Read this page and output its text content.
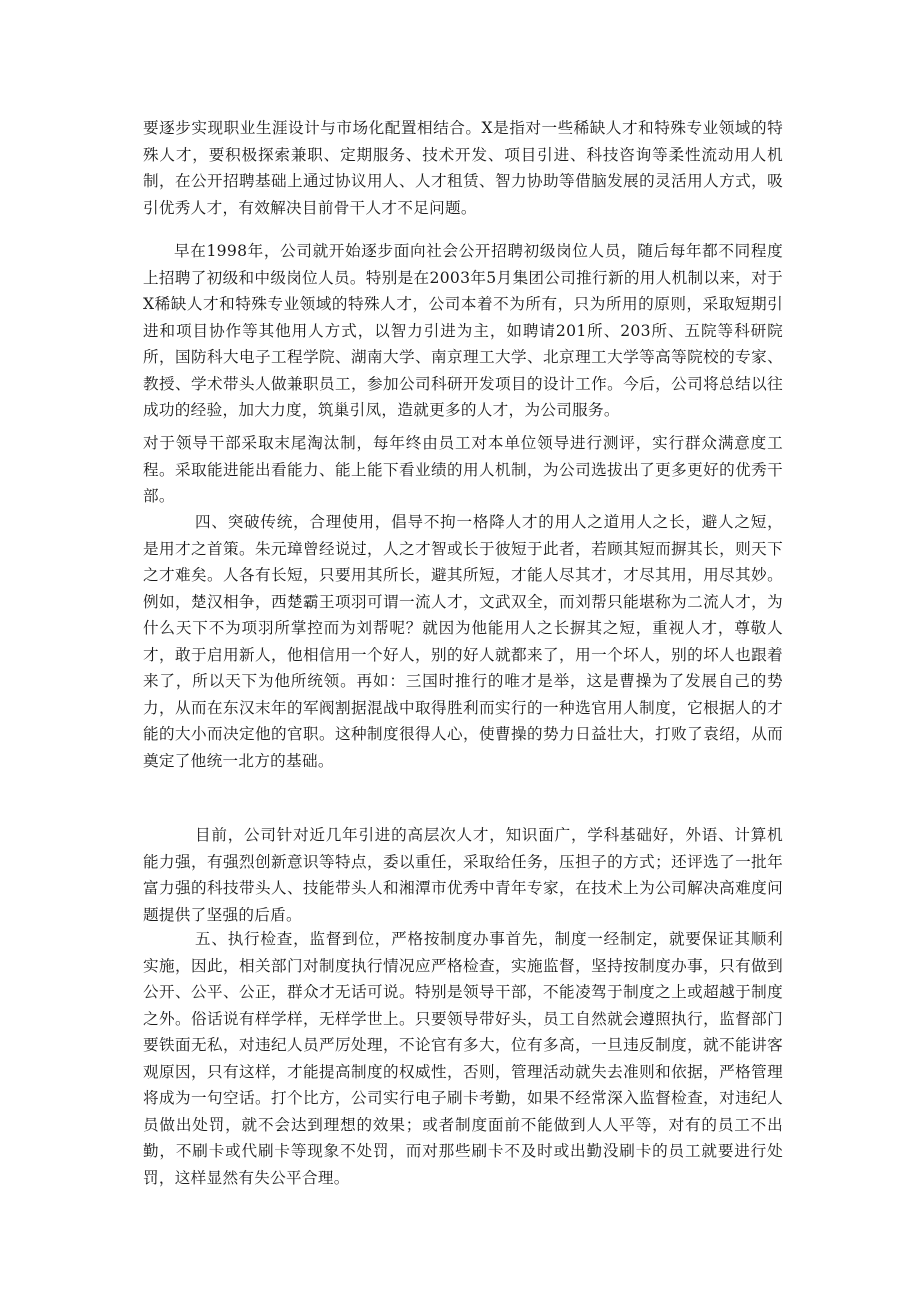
要逐步实现职业生涯设计与市场化配置相结合。X是指对一些稀缺人才和特殊专业领域的特殊人才，要积极探索兼职、定期服务、技术开发、项目引进、科技咨询等柔性流动用人机制，在公开招聘基础上通过协议用人、人才租赁、智力协助等借脑发展的灵活用人方式，吸引优秀人才，有效解决目前骨干人才不足问题。

早在1998年，公司就开始逐步面向社会公开招聘初级岗位人员，随后每年都不同程度上招聘了初级和中级岗位人员。特别是在2003年5月集团公司推行新的用人机制以来，对于X稀缺人才和特殊专业领域的特殊人才，公司本着不为所有，只为所用的原则，采取短期引进和项目协作等其他用人方式，以智力引进为主，如聘请201所、203所、五院等科研院所，国防科大电子工程学院、湖南大学、南京理工大学、北京理工大学等高等院校的专家、教授、学术带头人做兼职员工，参加公司科研开发项目的设计工作。今后，公司将总结以往成功的经验，加大力度，筑巢引凤，造就更多的人才，为公司服务。

对于领导干部采取末尾淘汰制，每年终由员工对本单位领导进行测评，实行群众满意度工程。采取能进能出看能力、能上能下看业绩的用人机制，为公司选拔出了更多更好的优秀干部。

四、突破传统，合理使用，倡导不拘一格降人才的用人之道用人之长，避人之短，是用才之首策。朱元璋曾经说过，人之才智或长于彼短于此者，若顾其短而摒其长，则天下之才难矣。人各有长短，只要用其所长，避其所短，才能人尽其才，才尽其用，用尽其妙。例如，楚汉相争，西楚霸王项羽可谓一流人才，文武双全，而刘帮只能堪称为二流人才，为什么天下不为项羽所掌控而为刘帮呢？就因为他能用人之长摒其之短，重视人才，尊敬人才，敢于启用新人，他相信用一个好人，别的好人就都来了，用一个坏人，别的坏人也跟着来了，所以天下为他所统领。再如：三国时推行的唯才是举，这是曹操为了发展自己的势力，从而在东汉末年的军阀割据混战中取得胜利而实行的一种选官用人制度，它根据人的才能的大小而决定他的官职。这种制度很得人心，使曹操的势力日益壮大，打败了袁绍，从而奠定了他统一北方的基础。

目前，公司针对近几年引进的高层次人才，知识面广，学科基础好，外语、计算机能力强，有强烈创新意识等特点，委以重任，采取给任务，压担子的方式；还评选了一批年富力强的科技带头人、技能带头人和湘潭市优秀中青年专家，在技术上为公司解决高难度问题提供了坚强的后盾。

五、执行检查，监督到位，严格按制度办事首先，制度一经制定，就要保证其顺利实施，因此，相关部门对制度执行情况应严格检查，实施监督，坚持按制度办事，只有做到公开、公平、公正，群众才无话可说。特别是领导干部，不能凌驾于制度之上或超越于制度之外。俗话说有样学样，无样学世上。只要领导带好头，员工自然就会遵照执行，监督部门要铁面无私，对违纪人员严厉处理，不论官有多大，位有多高，一旦违反制度，就不能讲客观原因，只有这样，才能提高制度的权威性，否则，管理活动就失去准则和依据，严格管理将成为一句空话。打个比方，公司实行电子刷卡考勤，如果不经常深入监督检查，对违纪人员做出处罚，就不会达到理想的效果；或者制度面前不能做到人人平等，对有的员工不出勤，不刷卡或代刷卡等现象不处罚，而对那些刷卡不及时或出勤没刷卡的员工就要进行处罚，这样显然有失公平合理。
